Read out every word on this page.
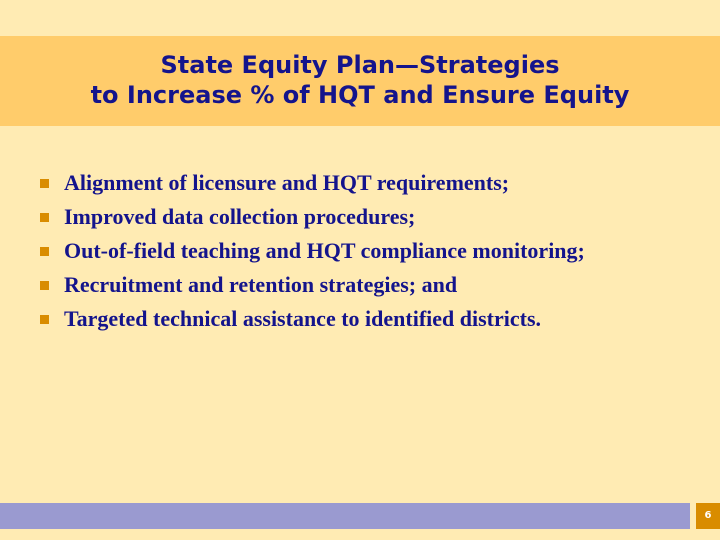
State Equity Plan—Strategies
to Increase % of HQT and Ensure Equity
Alignment of licensure and HQT requirements;
Improved data collection procedures;
Out-of-field teaching and HQT compliance monitoring;
Recruitment and retention strategies; and
Targeted technical assistance to identified districts.
6
